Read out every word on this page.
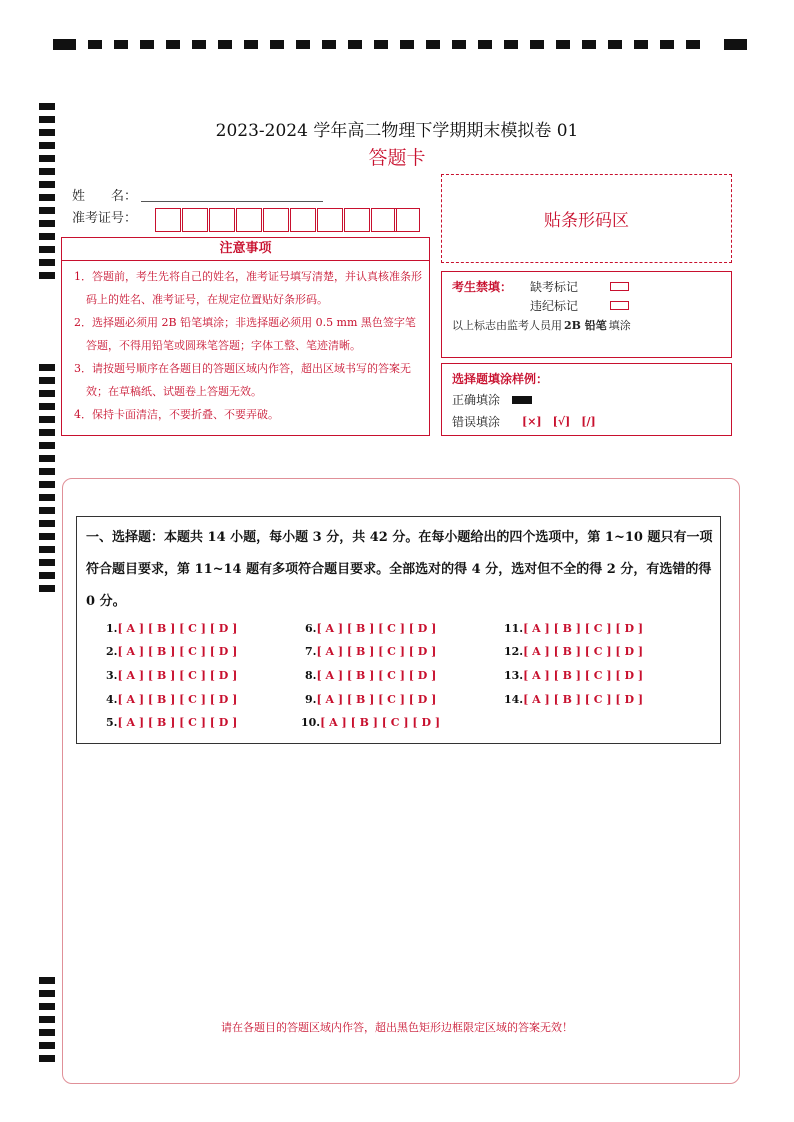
2023-2024 学年高二物理下学期期末模拟卷 01
答题卡
姓　　名：
准考证号：
注意事项

1．答题前，考生先将自己的姓名，准考证号填写清楚，并认真核准条形码上的姓名、准考证号，在规定位置贴好条形码。

2．选择题必须用 2B 铅笔填涂；非选择题必须用 0.5 mm 黑色签字笔答题，不得用铅笔或圆珠笔答题；字体工整、笔迹清晰。

3．请按题号顺序在各题目的答题区域内作答，超出区域书写的答案无效；在草稿纸、试题卷上答题无效。

4．保持卡面清洁，不要折叠、不要弄破。

贴条形码区
考生禁填： 缺考标记
违纪标记
以上标志由监考人员用 2B 铅笔 填涂
选择题填涂样例：
正确填涂
错误填涂 [×]　[√]　[/]
一、选择题：本题共 14 小题，每小题 3 分，共 42 分。在每小题给出的四个选项中，第 1~10 题只有一项符合题目要求，第 11~14 题有多项符合题目要求。全部选对的得 4 分，选对但不全的得 2 分，有选错的得 0 分。
1.[ A ] [ B ] [ C ] [ D ]
2.[ A ] [ B ] [ C ] [ D ]
3.[ A ] [ B ] [ C ] [ D ]
4.[ A ] [ B ] [ C ] [ D ]
5.[ A ] [ B ] [ C ] [ D ]
6.[ A ] [ B ] [ C ] [ D ]
7.[ A ] [ B ] [ C ] [ D ]
8.[ A ] [ B ] [ C ] [ D ]
9.[ A ] [ B ] [ C ] [ D ]
10.[ A ] [ B ] [ C ] [ D ]
11.[ A ] [ B ] [ C ] [ D ]
12.[ A ] [ B ] [ C ] [ D ]
13.[ A ] [ B ] [ C ] [ D ]
14.[ A ] [ B ] [ C ] [ D ]
请在各题目的答题区域内作答，超出黑色矩形边框限定区域的答案无效！
